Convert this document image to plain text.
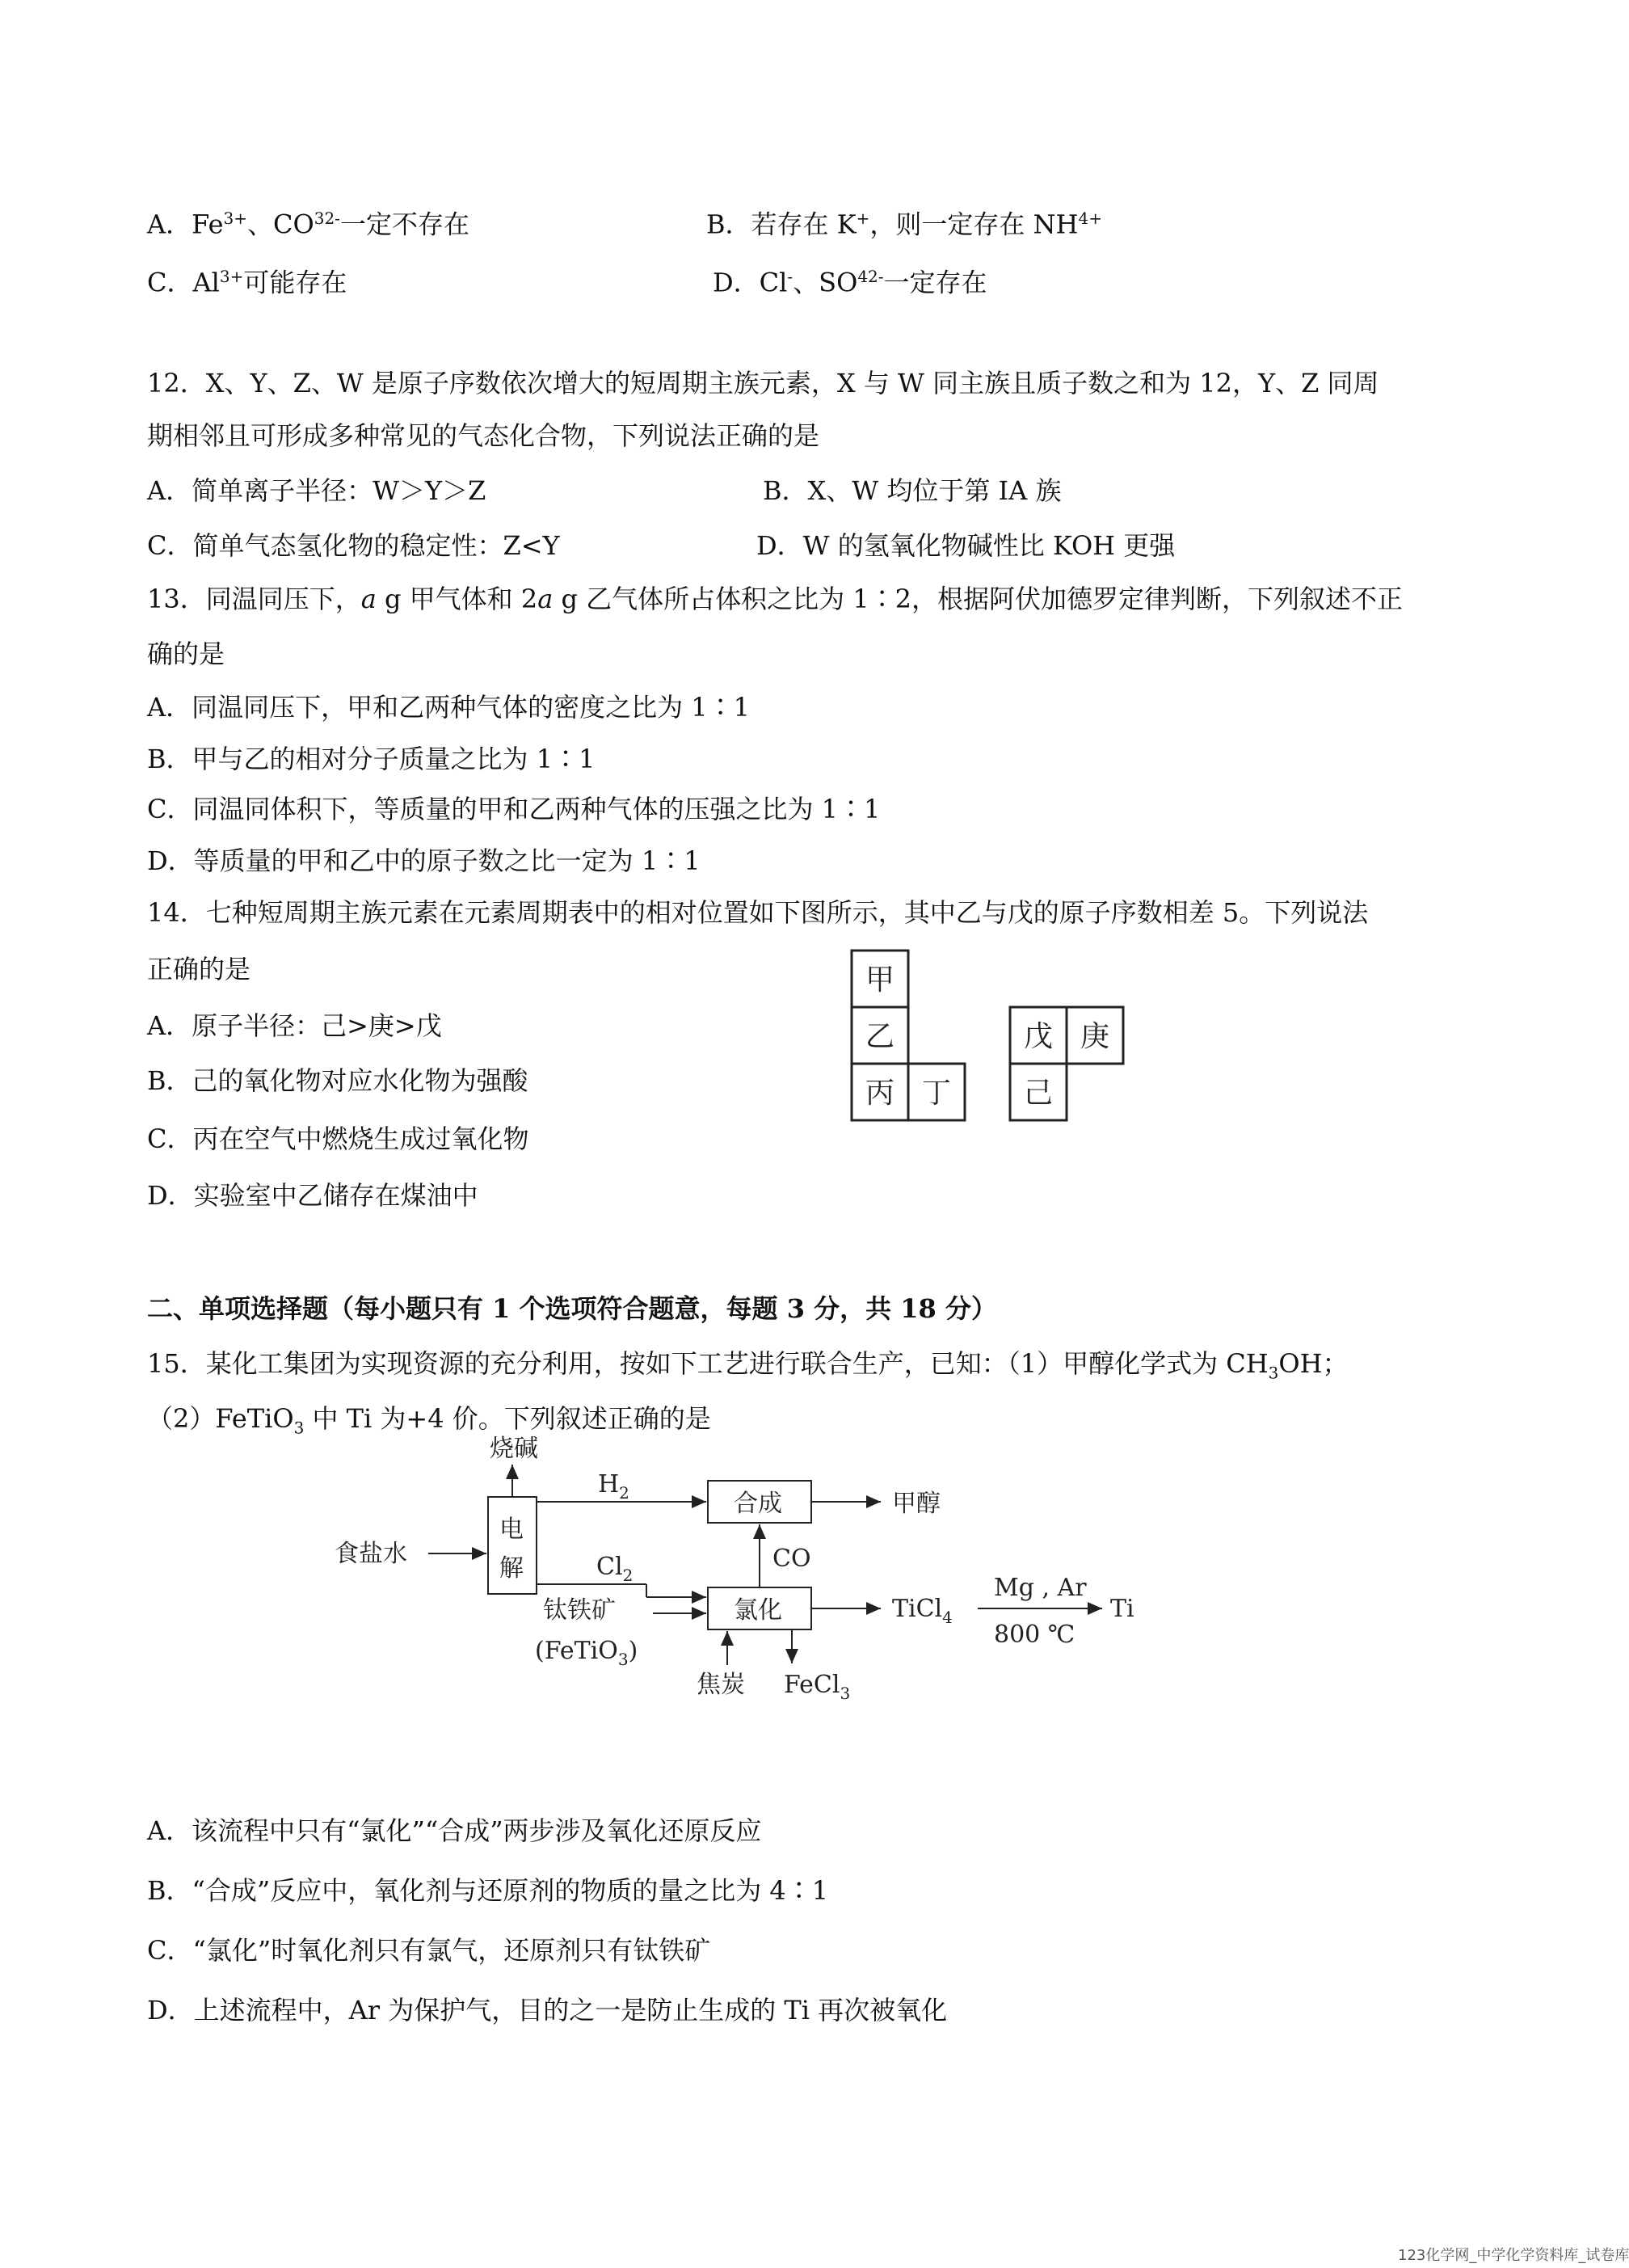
A．$Fe^{3+}$、$CO^{32-}$一定不存在	B．若存在 K+，则一定存在 $NH^{4+}$
C．$Al^{3+}$可能存在	D．Cl-、$SO^{42-}$一定存在
12．X、Y、Z、W 是原子序数依次增大的短周期主族元素，X 与 W 同主族且质子数之和为 12，Y、Z 同周
期相邻且可形成多种常见的气态化合物，下列说法正确的是
A．简单离子半径：W＞Y＞Z	B．X、W 均位于第 IA 族
C．简单气态氢化物的稳定性：Z<Y	D．W 的氢氧化物碱性比 KOH 更强
13．同温同压下，a g 甲气体和 2a g 乙气体所占体积之比为 1∶2，根据阿伏加德罗定律判断，下列叙述不正
确的是
A．同温同压下，甲和乙两种气体的密度之比为 1∶1
B．甲与乙的相对分子质量之比为 1∶1
C．同温同体积下，等质量的甲和乙两种气体的压强之比为 1∶1
D．等质量的甲和乙中的原子数之比一定为 1∶1
14．七种短周期主族元素在元素周期表中的相对位置如下图所示，其中乙与戊的原子序数相差 5。下列说法
正确的是
A．原子半径：己>庚>戊
B．己的氧化物对应水化物为强酸
C．丙在空气中燃烧生成过氧化物
D．实验室中乙储存在煤油中
甲
乙
丙 丁
戊 庚
己
二、单项选择题（每小题只有 1 个选项符合题意，每题 3 分，共 18 分）
15．某化工集团为实现资源的充分利用，按如下工艺进行联合生产，已知：（1）甲醇化学式为 $CH_3OH$；
（2）FeTiO$_3$ 中 Ti 为+4 价。下列叙述正确的是
烧碱
食盐水
电
解
$H_2$	合成	甲醇
$Cl_2$
CO
氯化
钛铁矿
(FeTiO$_3$)
焦炭 FeCl$_3$
TiCl$_4$
Mg , Ar
800 ℃
Ti
A．该流程中只有“氯化”“合成”两步涉及氧化还原反应
B．“合成”反应中，氧化剂与还原剂的物质的量之比为 4∶1
C．“氯化”时氧化剂只有氯气，还原剂只有钛铁矿
D．上述流程中，Ar 为保护气，目的之一是防止生成的 Ti 再次被氧化
123化学网_中学化学资料库_试卷库
